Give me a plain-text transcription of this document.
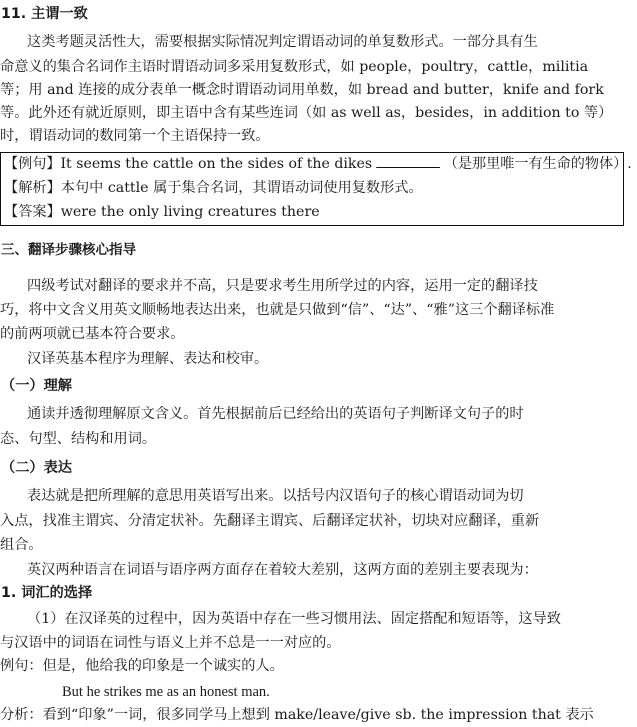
11. 主谓一致
这类考题灵活性大，需要根据实际情况判定谓语动词的单复数形式。一部分具有生
命意义的集合名词作主语时谓语动词多采用复数形式，如 people，poultry，cattle，militia
等；用 and 连接的成分表单一概念时谓语动词用单数，如 bread and butter，knife and fork
等。此外还有就近原则，即主语中含有某些连词（如 as well as，besides，in addition to 等）
时，谓语动词的数同第一个主语保持一致。
【例句】It seems the cattle on the sides of the dikes	（是那里唯一有生命的物体）.
【解析】本句中 cattle 属于集合名词，其谓语动词使用复数形式。
【答案】were the only living creatures there
三、翻译步骤核心指导
四级考试对翻译的要求并不高，只是要求考生用所学过的内容，运用一定的翻译技
巧，将中文含义用英文顺畅地表达出来，也就是只做到“信”、“达”、“雅”这三个翻译标准
的前两项就已基本符合要求。
汉译英基本程序为理解、表达和校审。
（一）理解
通读并透彻理解原文含义。首先根据前后已经给出的英语句子判断译文句子的时
态、句型、结构和用词。
（二）表达
表达就是把所理解的意思用英语写出来。以括号内汉语句子的核心谓语动词为切
入点，找准主谓宾、分清定状补。先翻译主谓宾、后翻译定状补，切块对应翻译，重新
组合。
英汉两种语言在词语与语序两方面存在着较大差别，这两方面的差别主要表现为：
1. 词汇的选择
（1）在汉译英的过程中，因为英语中存在一些习惯用法、固定搭配和短语等，这导致
与汉语中的词语在词性与语义上并不总是一一对应的。
例句：但是，他给我的印象是一个诚实的人。
But he strikes me as an honest man.
分析：看到“印象”一词，很多同学马上想到 make/leave/give sb. the impression that 表示
